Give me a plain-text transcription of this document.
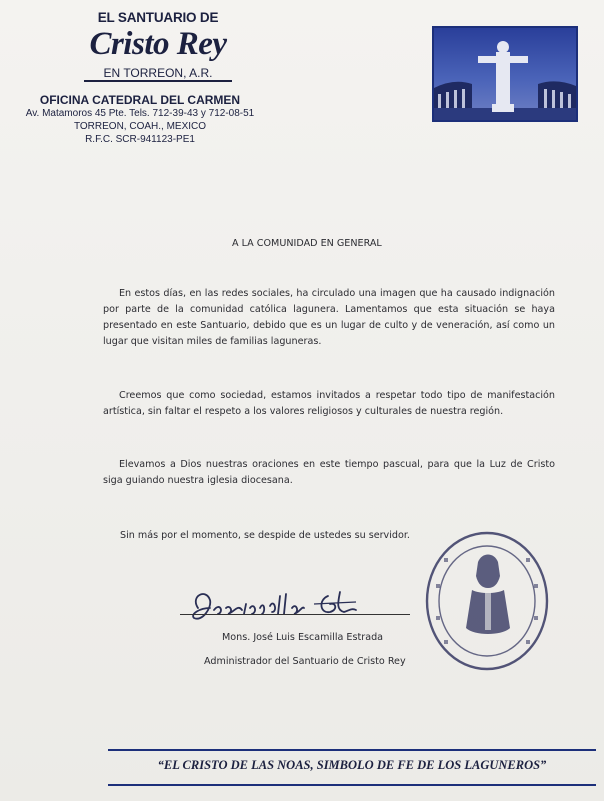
EL SANTUARIO DE
Cristo Rey
EN TORREON, A.R.
OFICINA CATEDRAL DEL CARMEN
Av. Matamoros 45 Pte. Tels. 712-39-43 y 712-08-51
TORREON, COAH., MEXICO
R.F.C. SCR-941123-PE1
A LA COMUNIDAD EN GENERAL
En estos días, en las redes sociales, ha circulado una imagen que ha causado indignación por parte de la comunidad católica lagunera. Lamentamos que esta situación se haya presentado en este Santuario, debido que es un lugar de culto y de veneración, así como un lugar que visitan miles de familias laguneras.
Creemos que como sociedad, estamos invitados a respetar todo tipo de manifestación artística, sin faltar el respeto a los valores religiosos y culturales de nuestra región.
Elevamos a Dios nuestras oraciones en este tiempo pascual, para que la Luz de Cristo siga guiando nuestra iglesia diocesana.
Sin más por el momento, se despide de ustedes su servidor.
Mons. José Luis Escamilla Estrada
Administrador del Santuario de Cristo Rey
“EL CRISTO DE LAS NOAS, SIMBOLO DE FE DE LOS LAGUNEROS”
